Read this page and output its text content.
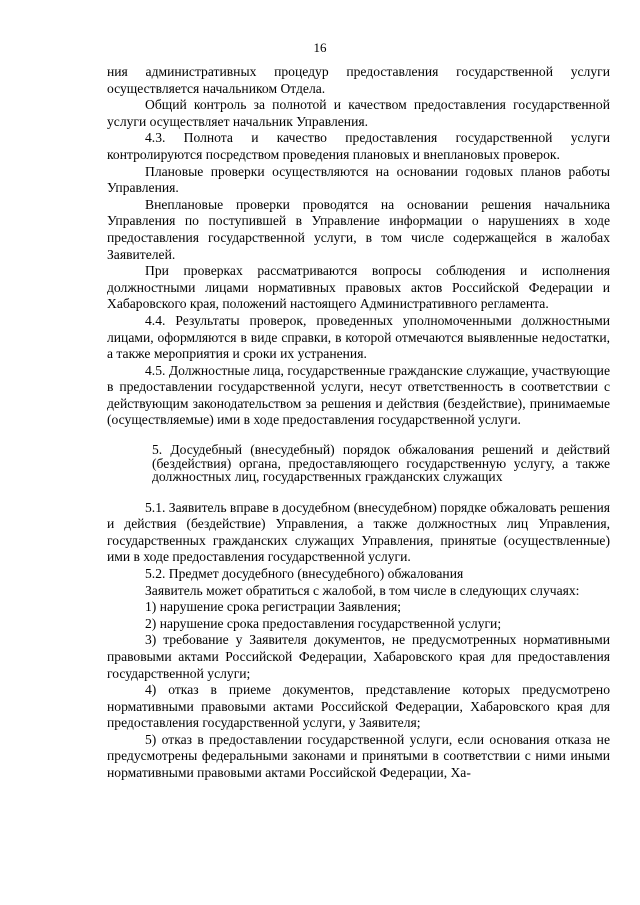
16

ния административных процедур предоставления государственной услуги осуществляется начальником Отдела.

Общий контроль за полнотой и качеством предоставления государственной услуги осуществляет начальник Управления.

4.3. Полнота и качество предоставления государственной услуги контролируются посредством проведения плановых и внеплановых проверок.

Плановые проверки осуществляются на основании годовых планов работы Управления.

Внеплановые проверки проводятся на основании решения начальника Управления по поступившей в Управление информации о нарушениях в ходе предоставления государственной услуги, в том числе содержащейся в жалобах Заявителей.

При проверках рассматриваются вопросы соблюдения и исполнения должностными лицами нормативных правовых актов Российской Федерации и Хабаровского края, положений настоящего Административного регламента.

4.4. Результаты проверок, проведенных уполномоченными должностными лицами, оформляются в виде справки, в которой отмечаются выявленные недостатки, а также мероприятия и сроки их устранения.

4.5. Должностные лица, государственные гражданские служащие, участвующие в предоставлении государственной услуги, несут ответственность в соответствии с действующим законодательством за решения и действия (бездействие), принимаемые (осуществляемые) ими в ходе предоставления государственной услуги.

5. Досудебный (внесудебный) порядок обжалования решений и действий (бездействия) органа, предоставляющего государственную услугу, а также должностных лиц, государственных гражданских служащих

5.1. Заявитель вправе в досудебном (внесудебном) порядке обжаловать решения и действия (бездействие) Управления, а также должностных лиц Управления, государственных гражданских служащих Управления, принятые (осуществленные) ими в ходе предоставления государственной услуги.

5.2. Предмет досудебного (внесудебного) обжалования

Заявитель может обратиться с жалобой, в том числе в следующих случаях:

1) нарушение срока регистрации Заявления;

2) нарушение срока предоставления государственной услуги;

3) требование у Заявителя документов, не предусмотренных нормативными правовыми актами Российской Федерации, Хабаровского края для предоставления государственной услуги;

4) отказ в приеме документов, представление которых предусмотрено нормативными правовыми актами Российской Федерации, Хабаровского края для предоставления государственной услуги, у Заявителя;

5) отказ в предоставлении государственной услуги, если основания отказа не предусмотрены федеральными законами и принятыми в соответствии с ними иными нормативными правовыми актами Российской Федерации, Ха-
